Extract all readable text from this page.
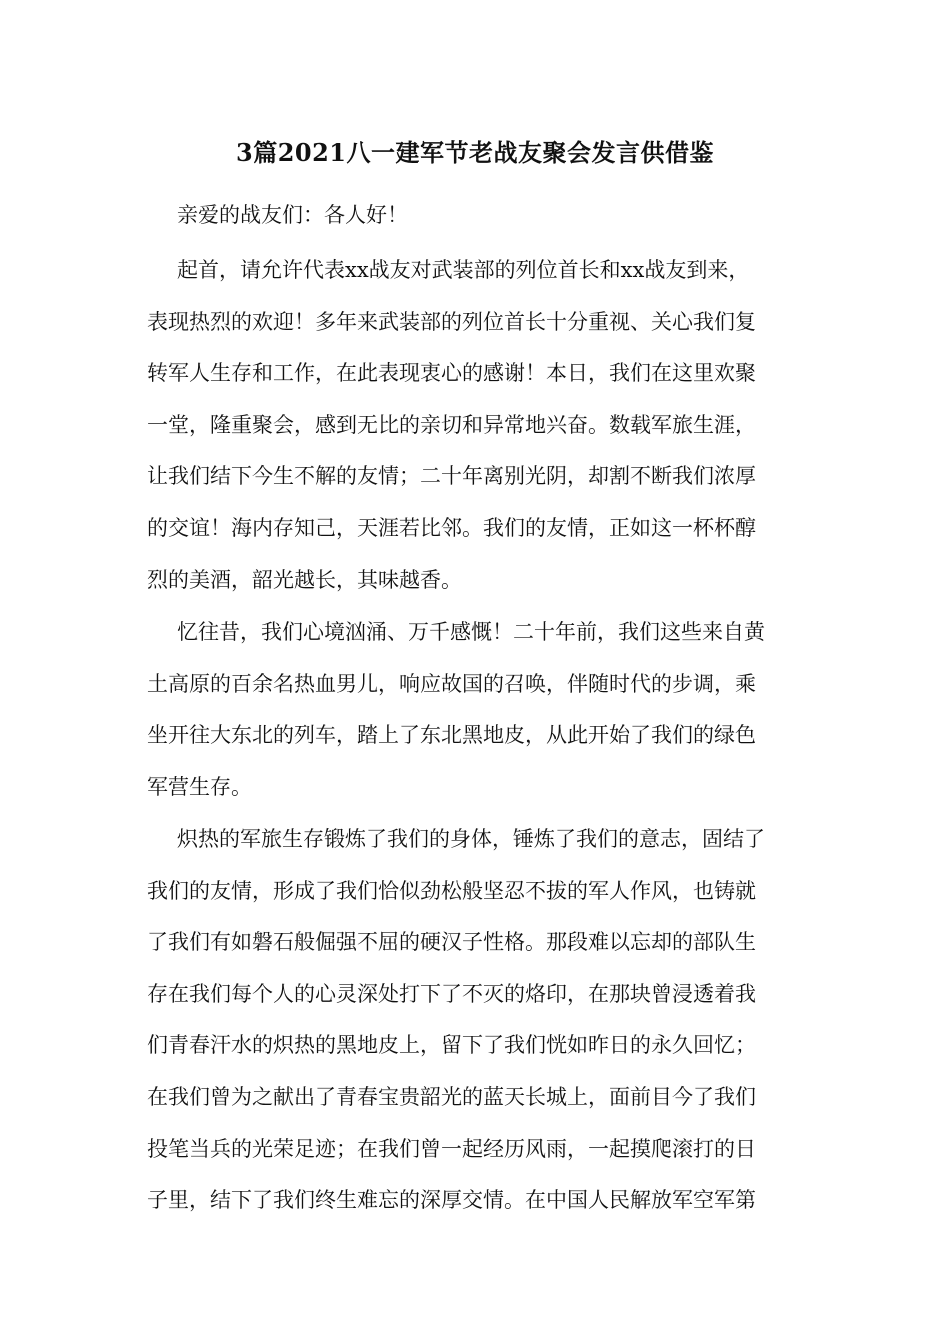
3篇2021八一建军节老战友聚会发言供借鉴

亲爱的战友们：各人好！

起首，请允许代表xx战友对武装部的列位首长和xx战友到来，
表现热烈的欢迎！多年来武装部的列位首长十分重视、关心我们复
转军人生存和工作，在此表现衷心的感谢！本日，我们在这里欢聚
一堂，隆重聚会，感到无比的亲切和异常地兴奋。数载军旅生涯，
让我们结下今生不解的友情；二十年离别光阴，却割不断我们浓厚
的交谊！海内存知己，天涯若比邻。我们的友情，正如这一杯杯醇
烈的美酒，韶光越长，其味越香。
忆往昔，我们心境汹涌、万千感慨！二十年前，我们这些来自黄
土高原的百余名热血男儿，响应故国的召唤，伴随时代的步调，乘
坐开往大东北的列车，踏上了东北黑地皮，从此开始了我们的绿色
军营生存。
炽热的军旅生存锻炼了我们的身体，锤炼了我们的意志，固结了
我们的友情，形成了我们恰似劲松般坚忍不拔的军人作风，也铸就
了我们有如磐石般倔强不屈的硬汉子性格。那段难以忘却的部队生
存在我们每个人的心灵深处打下了不灭的烙印，在那块曾浸透着我
们青春汗水的炽热的黑地皮上，留下了我们恍如昨日的永久回忆；
在我们曾为之献出了青春宝贵韶光的蓝天长城上，面前目今了我们
投笔当兵的光荣足迹；在我们曾一起经历风雨，一起摸爬滚打的日
子里，结下了我们终生难忘的深厚交情。在中国人民解放军空军第
